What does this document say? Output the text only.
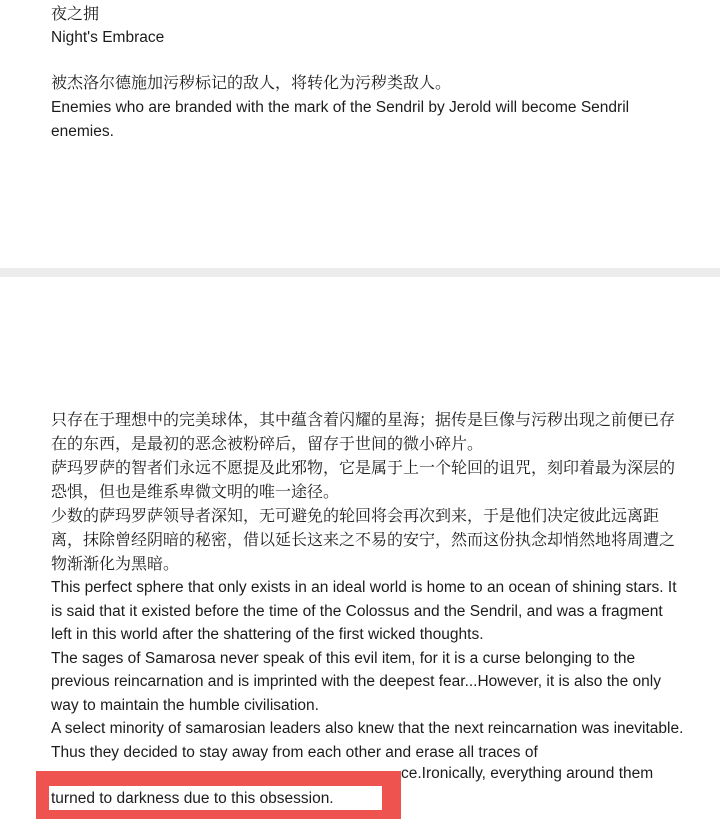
夜之拥

Night's Embrace

被杰洛尔德施加污秽标记的敌人，将转化为污秽类敌人。

Enemies who are branded with the mark of the Sendril by Jerold will become Sendril enemies.

只存在于理想中的完美球体，其中蕴含着闪耀的星海；据传是巨像与污秽出现之前便已存在的东西，是最初的恶念被粉碎后，留存于世间的微小碎片。

萨玛罗萨的智者们永远不愿提及此邪物，它是属于上一个轮回的诅咒，刻印着最为深层的恐惧，但也是维系卑微文明的唯一途径。

少数的萨玛罗萨领导者深知，无可避免的轮回将会再次到来，于是他们决定彼此远离距离，抹除曾经阴暗的秘密，借以延长这来之不易的安宁，然而这份执念却悄然地将周遭之物渐渐化为黑暗。

This perfect sphere that only exists in an ideal world is home to an ocean of shining stars. It is said that it existed before the time of the Colossus and the Sendril, and was a fragment left in this world after the shattering of the first wicked thoughts.

The sages of Samarosa never speak of this evil item, for it is a curse belonging to the previous reincarnation and is imprinted with the deepest fear...However, it is also the only way to maintain the humble civilisation.

A select minority of samarosian leaders also knew that the next reincarnation was inevitable. Thus they decided to stay away from each other and erase all traces of

ce.Ironically, everything around them
turned to darkness due to this obsession.
